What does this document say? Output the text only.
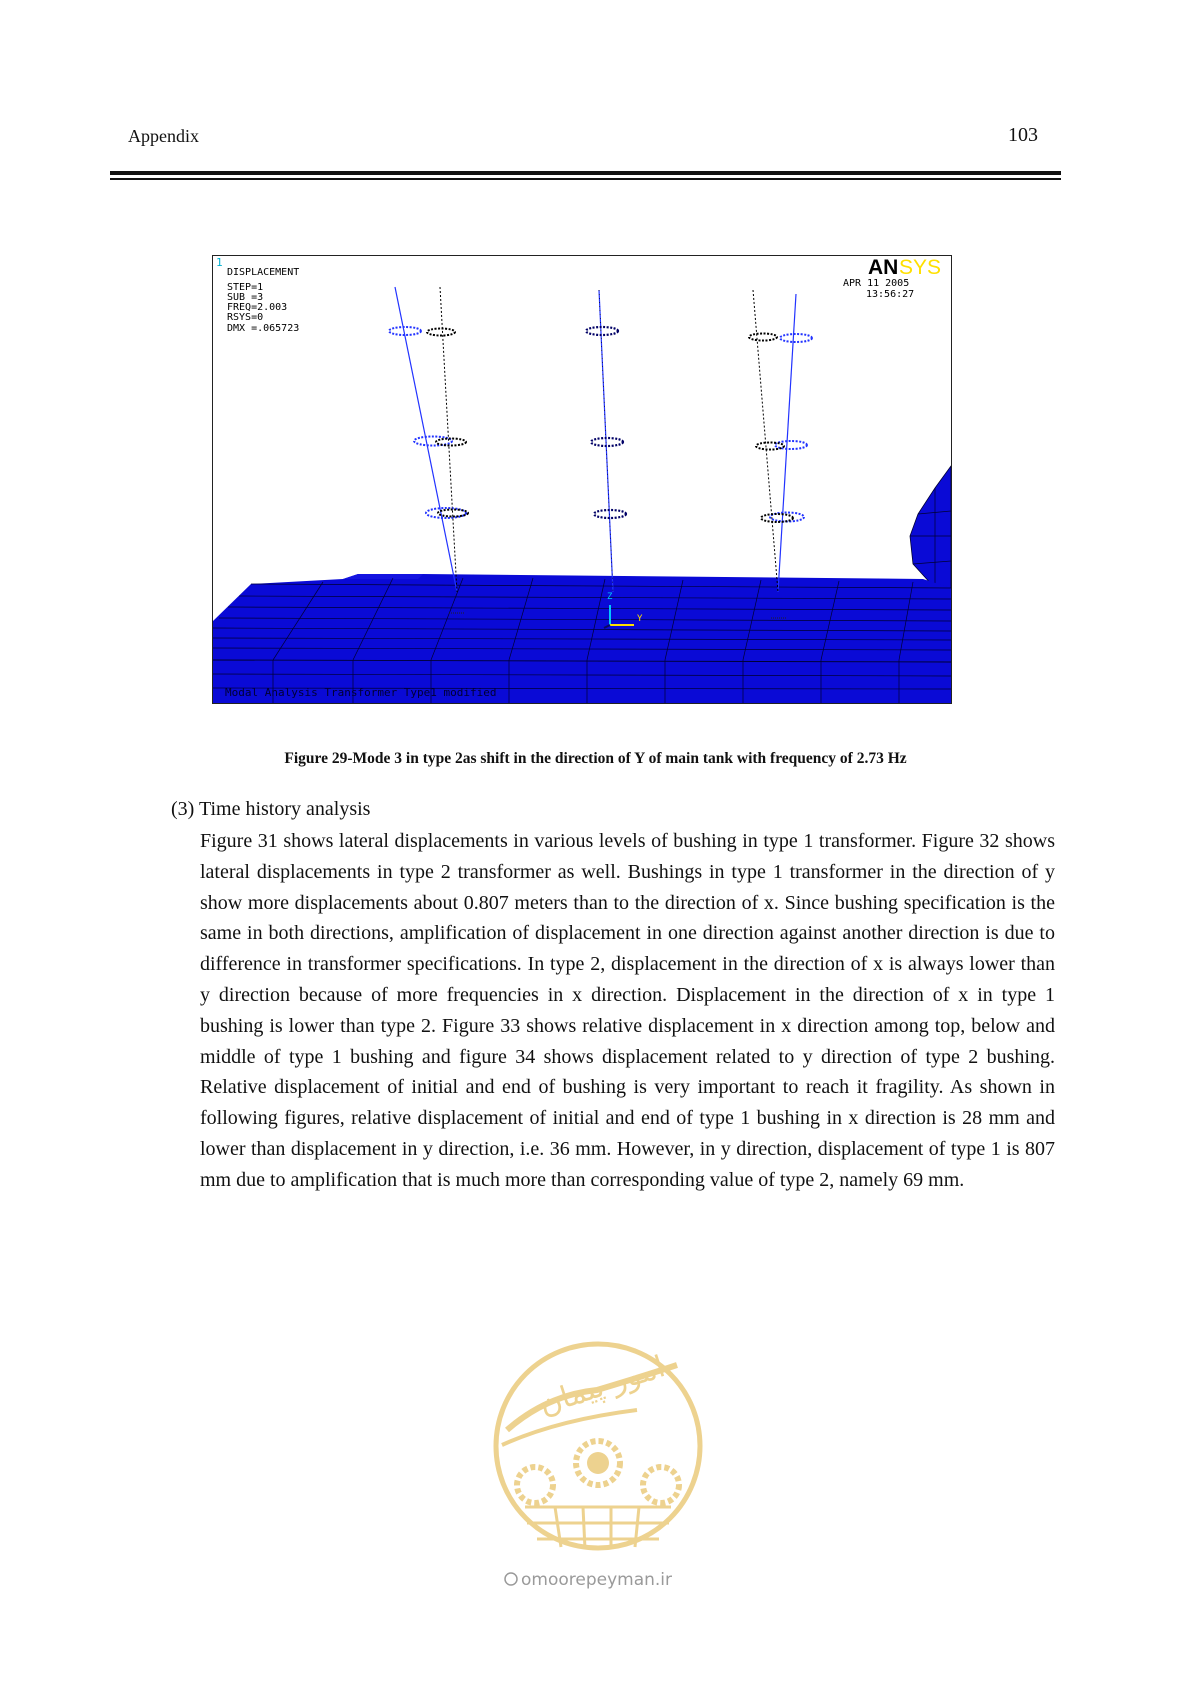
Appendix	103
1
DISPLACEMENT
STEP=1
SUB =3
FREQ=2.003
RSYS=0
DMX =.065723
AN SYS
APR 11 2005
13:56:27
Z
Y
Modal Analysis Transformer Type1 modified
Figure 29-Mode 3 in type 2as shift in the direction of Y of main tank with frequency of 2.73 Hz
(3) Time history analysis
Figure 31 shows lateral displacements in various levels of bushing in type 1 transformer. Figure 32 shows lateral displacements in type 2 transformer as well. Bushings in type 1 transformer in the direction of y show more displacements about 0.807 meters than to the direction of x. Since bushing specification is the same in both directions, amplification of displacement in one direction against another direction is due to difference in transformer specifications. In type 2, displacement in the direction of x is always lower than y direction because of more frequencies in x direction. Displacement in the direction of x in type 1 bushing is lower than type 2. Figure 33 shows relative displacement in x direction among top, below and middle of type 1 bushing and figure 34 shows displacement related to y direction of type 2 bushing. Relative displacement of initial and end of bushing is very important to reach it fragility. As shown in following figures, relative displacement of initial and end of type 1 bushing in x direction is 28 mm and lower than displacement in y direction, i.e. 36 mm. However, in y direction, displacement of type 1 is 807 mm due to amplification that is much more than corresponding value of type 2, namely 69 mm.
امور پیمان
omoorepeyman.ir
